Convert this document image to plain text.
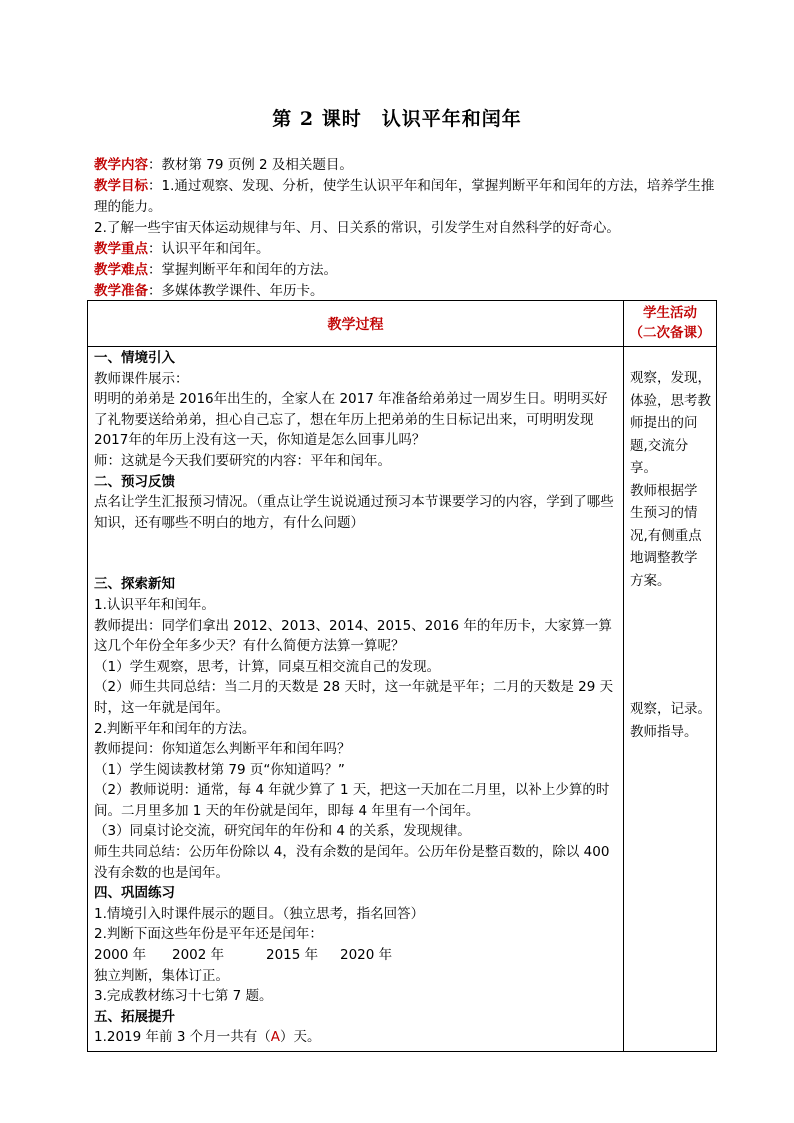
第 2 课时　认识平年和闰年
教学内容：教材第 79 页例 2 及相关题目。
教学目标：1.通过观察、发现、分析，使学生认识平年和闰年，掌握判断平年和闰年的方法，培养学生推理的能力。
2.了解一些宇宙天体运动规律与年、月、日关系的常识，引发学生对自然科学的好奇心。
教学重点：认识平年和闰年。
教学难点：掌握判断平年和闰年的方法。
教学准备：多媒体教学课件、年历卡。
教学过程
学生活动
（二次备课）
一、情境引入
教师课件展示：
明明的弟弟是 2016年出生的，全家人在 2017 年准备给弟弟过一周岁生日。明明买好了礼物要送给弟弟，担心自己忘了，想在年历上把弟弟的生日标记出来，可明明发现 2017年的年历上没有这一天，你知道是怎么回事儿吗？
师：这就是今天我们要研究的内容：平年和闰年。
二、预习反馈
点名让学生汇报预习情况。（重点让学生说说通过预习本节课要学习的内容，学到了哪些知识，还有哪些不明白的地方，有什么问题）
三、探索新知
1.认识平年和闰年。
教师提出：同学们拿出 2012、2013、2014、2015、2016 年的年历卡，大家算一算这几个年份全年多少天？有什么简便方法算一算呢？
（1）学生观察，思考，计算，同桌互相交流自己的发现。
（2）师生共同总结：当二月的天数是 28 天时，这一年就是平年；二月的天数是 29 天时，这一年就是闰年。
2.判断平年和闰年的方法。
教师提问：你知道怎么判断平年和闰年吗？
（1）学生阅读教材第 79 页“你知道吗？”
（2）教师说明：通常，每 4 年就少算了 1 天，把这一天加在二月里，以补上少算的时间。二月里多加 1 天的年份就是闰年，即每 4 年里有一个闰年。
（3）同桌讨论交流，研究闰年的年份和 4 的关系，发现规律。
师生共同总结：公历年份除以 4，没有余数的是闰年。公历年份是整百数的，除以 400没有余数的也是闰年。
四、巩固练习
1.情境引入时课件展示的题目。（独立思考，指名回答）
2.判断下面这些年份是平年还是闰年：
2000 年 2002 年	2015 年 2020 年
独立判断，集体订正。
3.完成教材练习十七第 7 题。
五、拓展提升
1.2019 年前 3 个月一共有（A）天。
观察，发现，
体验，思考教
师提出的问
题,交流分享。
教师根据学
生预习的情
况,有侧重点
地调整教学
方案。
观察，记录。
教师指导。
